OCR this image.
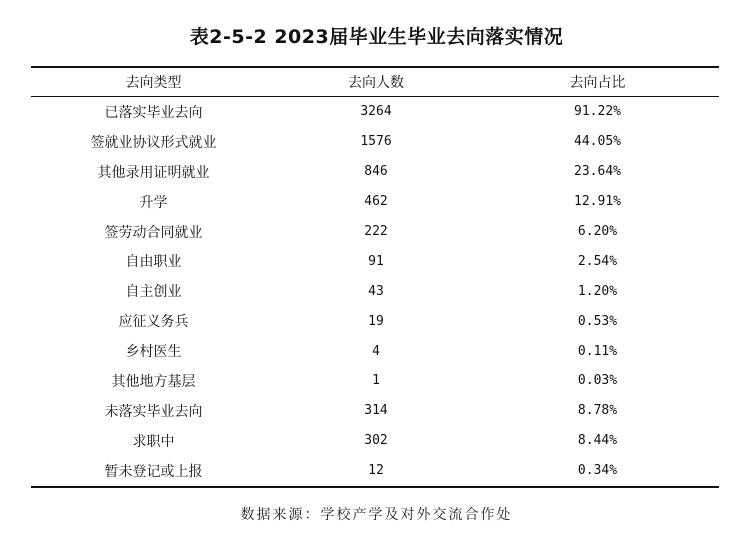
表2-5-2 2023届毕业生毕业去向落实情况
去向类型	去向人数	去向占比
已落实毕业去向	3264	91.22%
签就业协议形式就业	1576	44.05%
其他录用证明就业	846	23.64%
升学	462	12.91%
签劳动合同就业	222	6.20%
自由职业	91	2.54%
自主创业	43	1.20%
应征义务兵	19	0.53%
乡村医生	4	0.11%
其他地方基层	1	0.03%
未落实毕业去向	314	8.78%
求职中	302	8.44%
暂未登记或上报	12	0.34%
数据来源：学校产学及对外交流合作处
